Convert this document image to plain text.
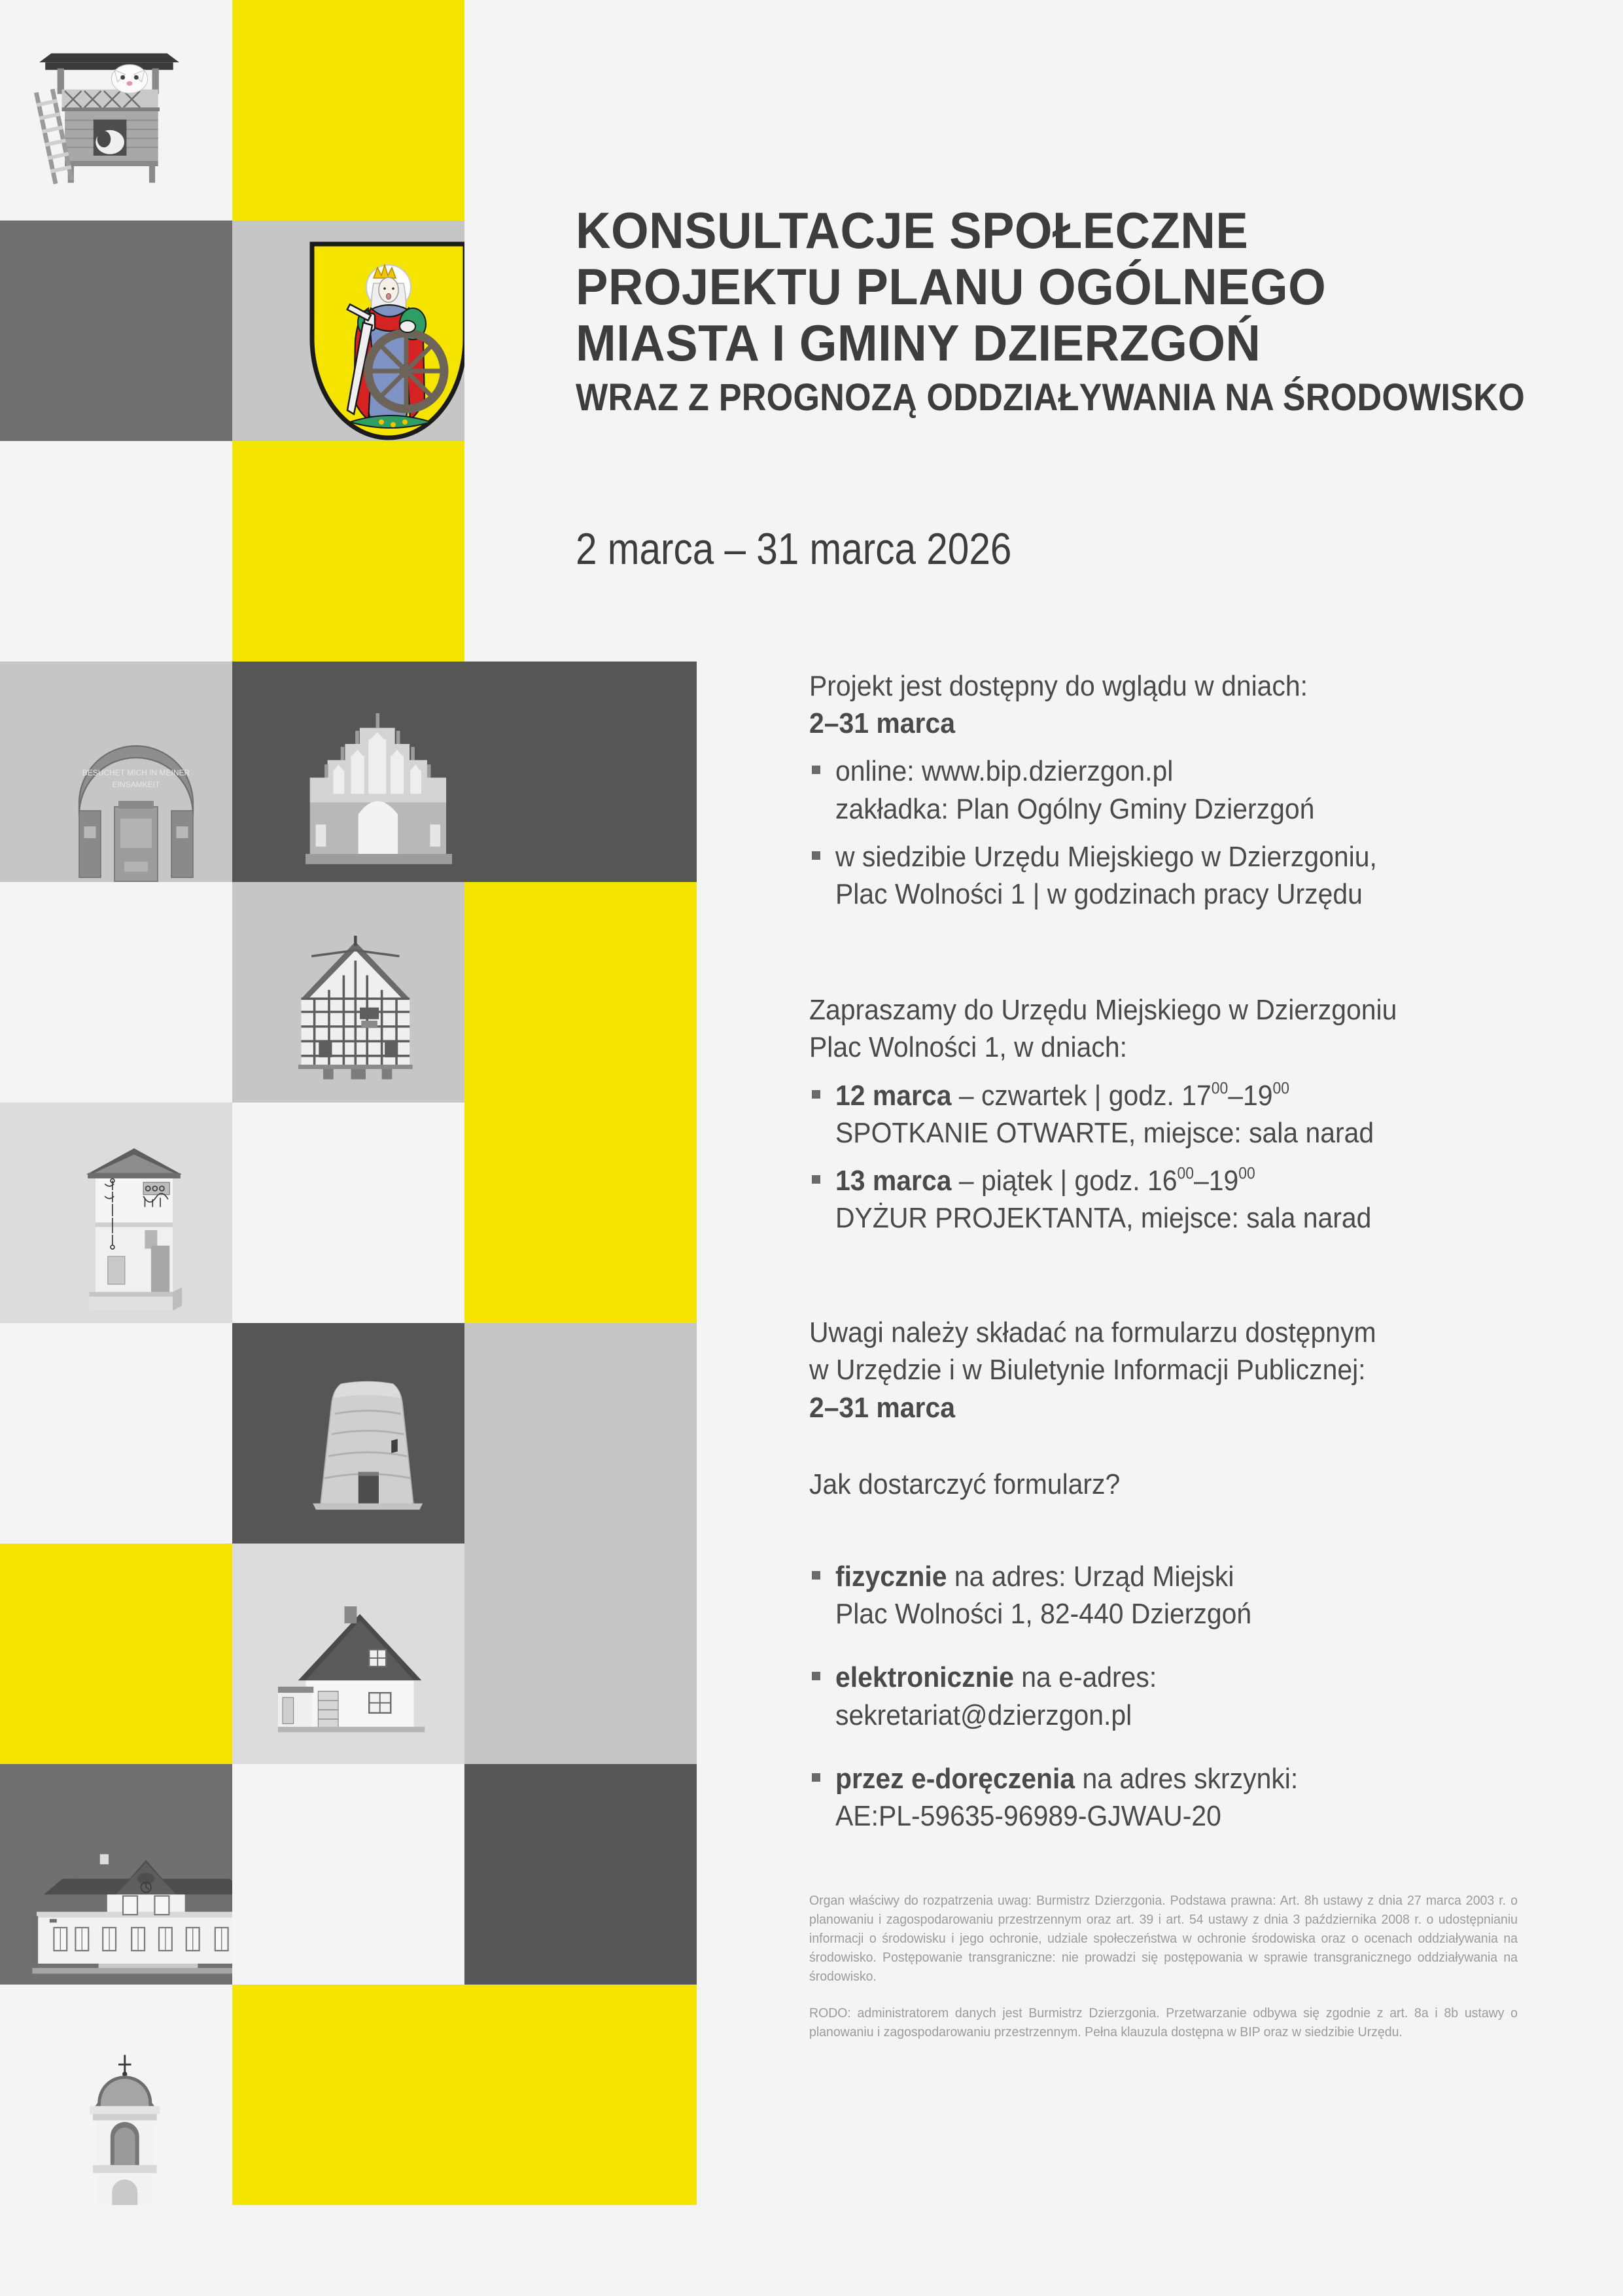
BESUCHET MICH IN MEINER
EINSAMKEIT
KONSULTACJE SPOŁECZNE
PROJEKTU PLANU OGÓLNEGO
MIASTA I GMINY DZIERZGOŃ
WRAZ Z PROGNOZĄ ODDZIAŁYWANIA NA ŚRODOWISKO
2 marca – 31 marca 2026

Projekt jest dostępny do wglądu w dniach:

2–31 marca

online: www.bip.dzierzgon.pl
zakładka: Plan Ogólny Gminy Dzierzgoń
w siedzibie Urzędu Miejskiego w Dzierzgoniu,
Plac Wolności 1 | w godzinach pracy Urzędu

Zapraszamy do Urzędu Miejskiego w Dzierzgoniu

Plac Wolności 1, w dniach:

12 marca – czwartek | godz. $17^{00}-19^{00}$
SPOTKANIE OTWARTE, miejsce: sala narad
13 marca – piątek | godz. $16^{00}-19^{00}$
DYŻUR PROJEKTANTA, miejsce: sala narad

Uwagi należy składać na formularzu dostępnym

w Urzędzie i w Biuletynie Informacji Publicznej:

2–31 marca

Jak dostarczyć formularz?

fizycznie na adres: Urząd Miejski
Plac Wolności 1, 82-440 Dzierzgoń
elektronicznie na e-adres:
sekretariat@dzierzgon.pl
przez e-doręczenia na adres skrzynki:
AE:PL-59635-96989-GJWAU-20

Organ właściwy do rozpatrzenia uwag: Burmistrz Dzierzgonia. Podstawa prawna: Art. 8h ustawy z dnia 27 marca 2003 r. o planowaniu i zagospodarowaniu przestrzennym oraz art. 39 i art. 54 ustawy z dnia 3 października 2008 r. o udostępnianiu informacji o środowisku i jego ochronie, udziale społeczeństwa w ochronie środowiska oraz o ocenach oddziaływania na środowisko. Postępowanie transgraniczne: nie prowadzi się postępowania w sprawie transgranicznego oddziaływania na środowisko.

RODO: administratorem danych jest Burmistrz Dzierzgonia. Przetwarzanie odbywa się zgodnie z art. 8a i 8b ustawy o planowaniu i zagospodarowaniu przestrzennym. Pełna klauzula dostępna w BIP oraz w siedzibie Urzędu.
